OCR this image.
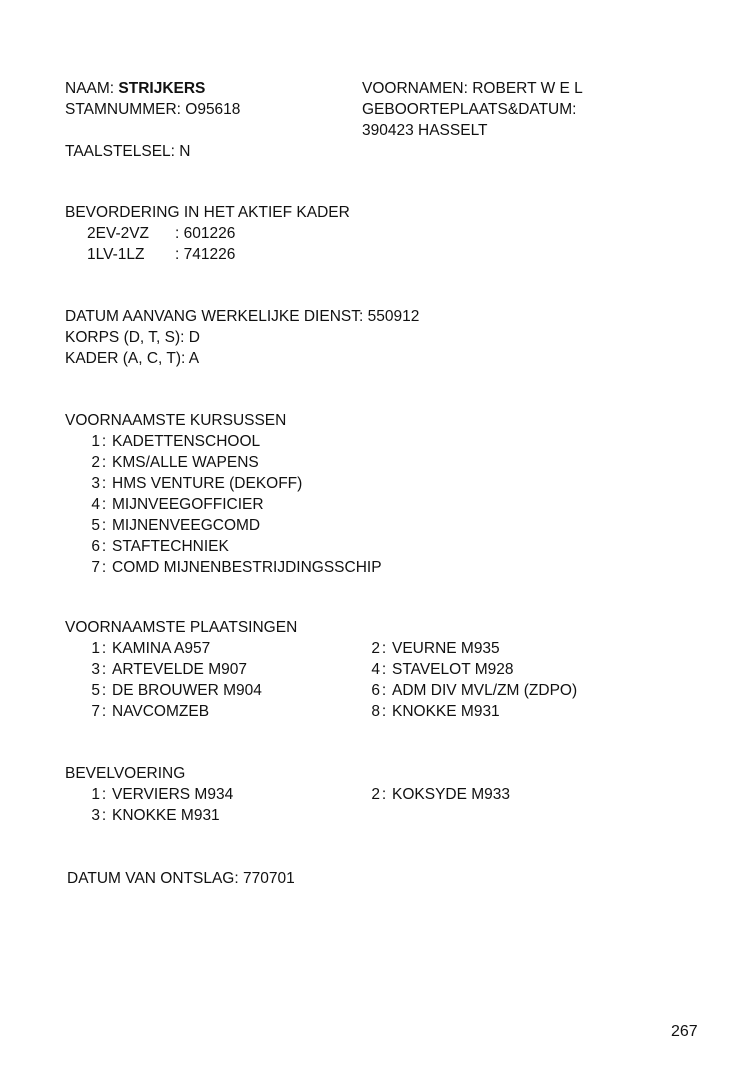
NAAM:
STRIJKERS
STAMNUMMER: O95618
TAALSTELSEL: N
VOORNAMEN: ROBERT W E L
GEBOORTEPLAATS&DATUM:
390423 HASSELT
BEVORDERING IN HET AKTIEF KADER
2EV-2VZ	: 601226
1LV-1LZ	: 741226
DATUM AANVANG WERKELIJKE DIENST: 550912
KORPS (D, T, S): D
KADER (A, C, T): A
VOORNAAMSTE KURSUSSEN
1 : KADETTENSCHOOL
2 : KMS/ALLE WAPENS
3 : HMS VENTURE (DEKOFF)
4 : MIJNVEEGOFFICIER
5 : MIJNENVEEGCOMD
6 : STAFTECHNIEK
7 : COMD MIJNENBESTRIJDINGSSCHIP
VOORNAAMSTE PLAATSINGEN
1 : KAMINA A957
3 : ARTEVELDE M907
5 : DE BROUWER M904
7 : NAVCOMZEB
2 : VEURNE M935
4 : STAVELOT M928
6 : ADM DIV MVL/ZM (ZDPO)
8 : KNOKKE M931
BEVELVOERING
1 : VERVIERS M934
3 : KNOKKE M931
2 : KOKSYDE M933
DATUM VAN ONTSLAG: 770701
267
